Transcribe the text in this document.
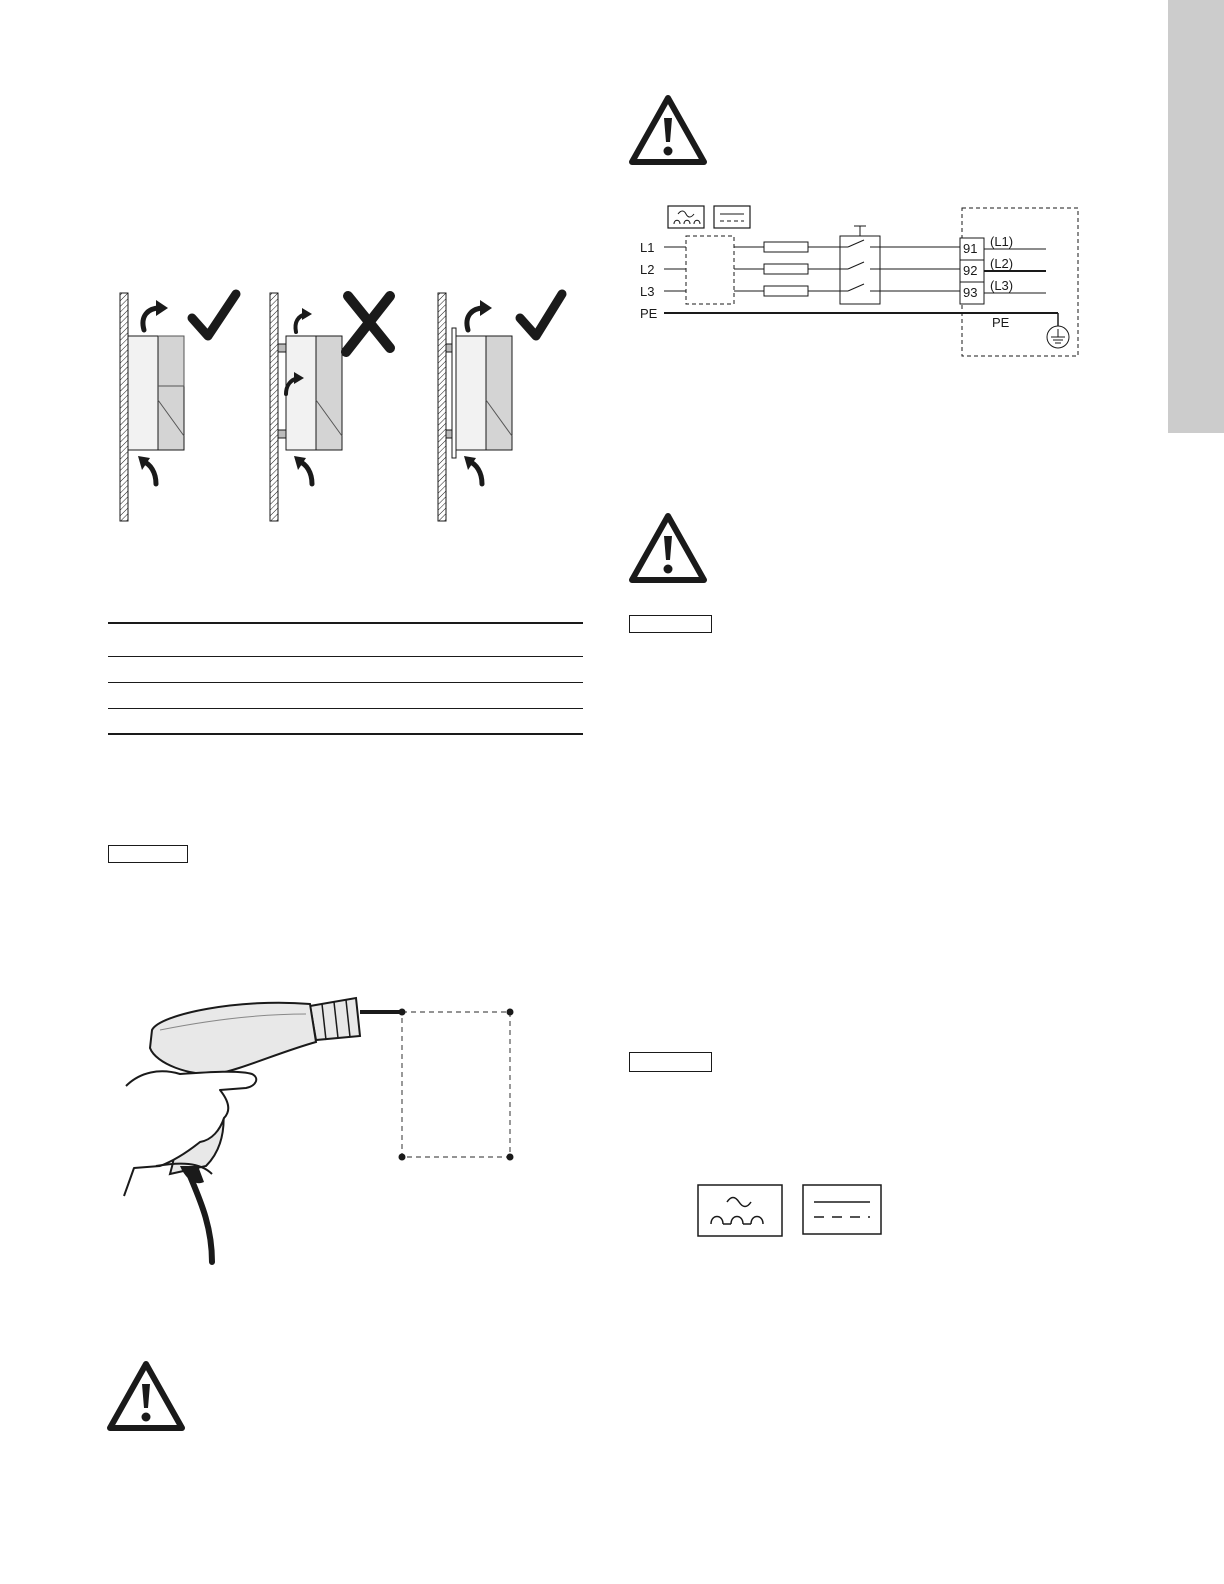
L1
L2
L3
PE
91
92
93
(L1)
(L2)
(L3)
PE
